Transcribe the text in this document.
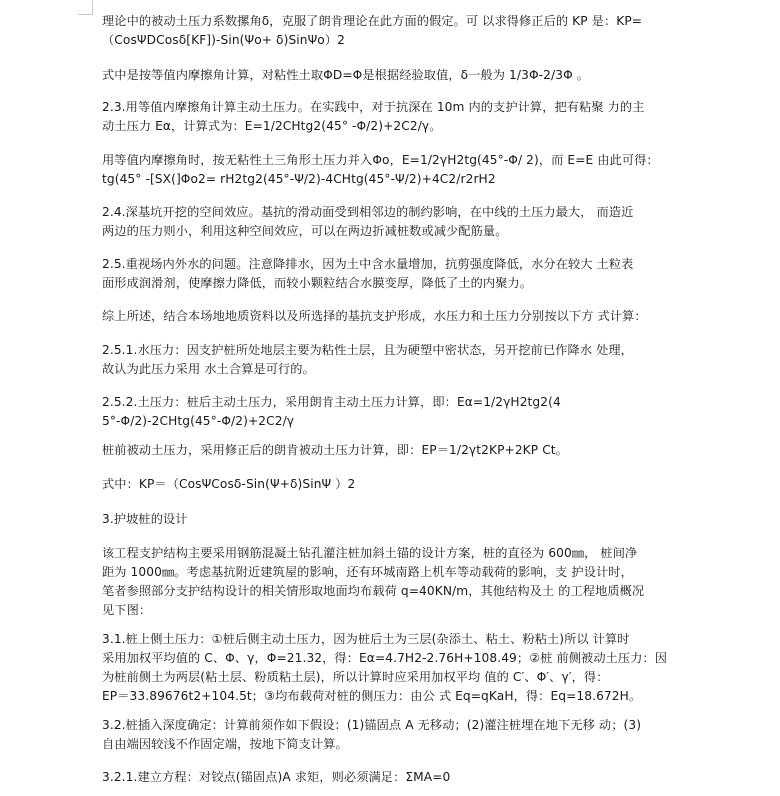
理论中的被动土压力系数摞角δ，克服了朗肯理论在此方面的假定。可 以求得修正后的 KP 是：KP=
（CosΨDCosδ[KF])-Sin(Ψo+ δ)SinΨo）2
式中是按等值内摩擦角计算，对粘性土取ΦD=Φ是根据经验取值，δ一般为 1/3Φ-2/3Φ 。
2.3.用等值内摩擦角计算主动土压力。在实践中，对于抗深在 10m 内的支护计算，把有粘聚 力的主
动土压力 Eα，计算式为：E=1/2CHtg2(45° -Φ/2)+2C2/γ。
用等值内摩擦角时，按无粘性土三角形土压力并入Φo，E=1/2γH2tg(45°-Φ/ 2)，而 E=E 由此可得：
tg(45° -[SX(]Φo2= rH2tg2(45°-Ψ/2)-4CHtg(45°-Ψ/2)+4C2/r2rH2
2.4.深基坑开挖的空间效应。基抗的滑动面受到相邻边的制约影响，在中线的土压力最大， 而造近
两边的压力则小，利用这种空间效应，可以在两边折减桩数或减少配筋量。
2.5.重视场内外水的问题。注意降排水，因为土中含水量增加，抗剪强度降低，水分在较大 土粒表
面形成润滑剂，使摩擦力降低，而较小颗粒结合水膜变厚，降低了土的内聚力。
综上所述，结合本场地地质资料以及所选择的基抗支护形成，水压力和土压力分别按以下方 式计算：
2.5.1.水压力：因支护桩所处地层主要为粘性土层，且为硬塑中密状态，另开挖前已作降水 处理，
故认为此压力采用 水土合算是可行的。
2.5.2.土压力：桩后主动土压力，采用朗肯主动土压力计算，即：Eα=1/2γH2tg2(4
5°-Φ/2)-2CHtg(45°-Φ/2)+2C2/γ
桩前被动土压力，采用修正后的朗肯被动土压力计算，即：EP＝1/2γt2KP+2KP Ct。
式中：KP＝（CosΨCosδ-Sin(Ψ+δ)SinΨ ）2
3.护坡桩的设计
该工程支护结构主要采用钢筋混凝土钻孔灌注桩加斜土锚的设计方案，桩的直径为 600㎜， 桩间净
距为 1000㎜。考虑基抗附近建筑屋的影响，还有环城南路上机车等动载荷的影响，支 护设计时，
笔者参照部分支护结构设计的相关情形取地面均布载荷 q=40KN/m，其他结构及土 的工程地质概况
见下图：
3.1.桩上侧土压力：①桩后侧主动土压力，因为桩后土为三层(杂添土、粘土、粉粘土)所以 计算时
采用加权平均值的 C、Φ、γ，Φ=21.32，得：Eα=4.7H2-2.76H+108.49；②桩 前侧被动土压力：因
为桩前侧土为两层(粘土层、粉质粘土层)，所以计算时应采用加权平均 值的 C′、Φ′、γ′，得：
EP＝33.89676t2+104.5t；③均布载荷对桩的侧压力：由公 式 Eq=qKaH，得：Eq=18.672H。
3.2.桩插入深度确定：计算前须作如下假设：(1)锚固点 A 无移动；(2)灌注桩埋在地下无移 动；(3)
自由端因较浅不作固定端，按地下简支计算。
3.2.1.建立方程：对铰点(锚固点)A 求矩，则必须满足：ΣMA=0
